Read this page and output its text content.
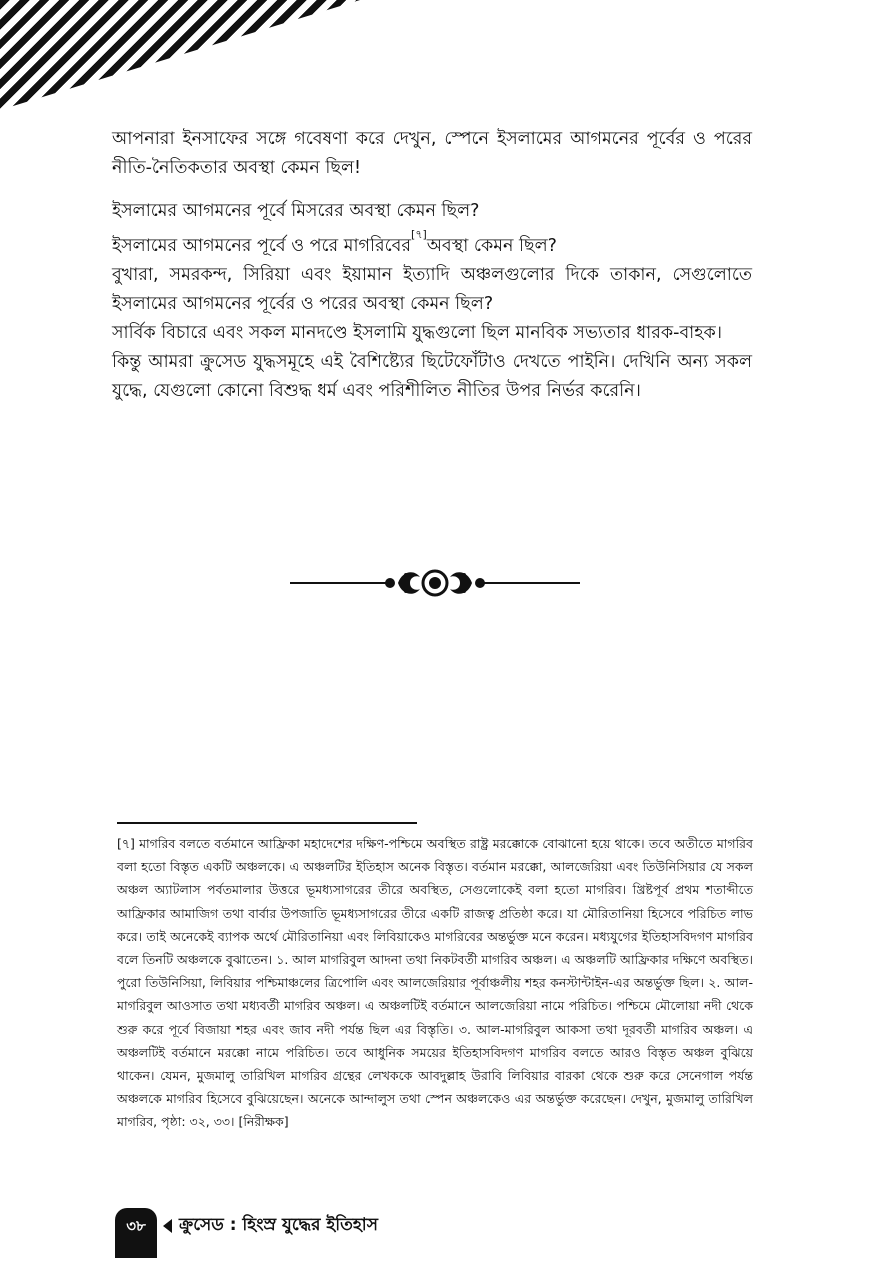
আপনারা ইনসাফের সঙ্গে গবেষণা করে দেখুন, স্পেনে ইসলামের আগমনের পূর্বের ও পরের নীতি-নৈতিকতার অবস্থা কেমন ছিল!

ইসলামের আগমনের পূর্বে মিসরের অবস্থা কেমন ছিল?

ইসলামের আগমনের পূর্বে ও পরে মাগরিবের[৭]অবস্থা কেমন ছিল?

বুখারা, সমরকন্দ, সিরিয়া এবং ইয়ামান ইত্যাদি অঞ্চলগুলোর দিকে তাকান, সেগুলোতে ইসলামের আগমনের পূর্বের ও পরের অবস্থা কেমন ছিল?

সার্বিক বিচারে এবং সকল মানদণ্ডে ইসলামি যুদ্ধগুলো ছিল মানবিক সভ্যতার ধারক-বাহক।

কিন্তু আমরা ক্রুসেড যুদ্ধসমূহে এই বৈশিষ্ট্যের ছিটেফোঁটাও দেখতে পাইনি। দেখিনি অন্য সকল যুদ্ধে, যেগুলো কোনো বিশুদ্ধ ধর্ম এবং পরিশীলিত নীতির উপর নির্ভর করেনি।

[৭] মাগরিব বলতে বর্তমানে আফ্রিকা মহাদেশের দক্ষিণ-পশ্চিমে অবস্থিত রাষ্ট্র মরক্কোকে বোঝানো হয়ে থাকে। তবে অতীতে মাগরিব বলা হতো বিস্তৃত একটি অঞ্চলকে। এ অঞ্চলটির ইতিহাস অনেক বিস্তৃত। বর্তমান মরক্কো, আলজেরিয়া এবং তিউনিসিয়ার যে সকল অঞ্চল অ্যাটলাস পর্বতমালার উত্তরে ভূমধ্যসাগরের তীরে অবস্থিত, সেগুলোকেই বলা হতো মাগরিব। খ্রিষ্টপূর্ব প্রথম শতাব্দীতে আফ্রিকার আমাজিগ তথা বার্বার উপজাতি ভূমধ্যসাগরের তীরে একটি রাজত্ব প্রতিষ্ঠা করে। যা মৌরিতানিয়া হিসেবে পরিচিত লাভ করে। তাই অনেকেই ব্যাপক অর্থে মৌরিতানিয়া এবং লিবিয়াকেও মাগরিবের অন্তর্ভুক্ত মনে করেন। মধ্যযুগের ইতিহাসবিদগণ মাগরিব বলে তিনটি অঞ্চলকে বুঝাতেন। ১. আল মাগরিবুল আদনা তথা নিকটবর্তী মাগরিব অঞ্চল। এ অঞ্চলটি আফ্রিকার দক্ষিণে অবস্থিত। পুরো তিউনিসিয়া, লিবিয়ার পশ্চিমাঞ্চলের ত্রিপোলি এবং আলজেরিয়ার পূর্বাঞ্চলীয় শহর কনস্টান্টাইন-এর অন্তর্ভুক্ত ছিল। ২. আল-মাগরিবুল আওসাত তথা মধ্যবর্তী মাগরিব অঞ্চল। এ অঞ্চলটিই বর্তমানে আলজেরিয়া নামে পরিচিত। পশ্চিমে মৌলোয়া নদী থেকে শুরু করে পূর্বে বিজায়া শহর এবং জাব নদী পর্যন্ত ছিল এর বিস্তৃতি। ৩. আল-মাগরিবুল আকসা তথা দূরবর্তী মাগরিব অঞ্চল। এ অঞ্চলটিই বর্তমানে মরক্কো নামে পরিচিত। তবে আধুনিক সময়ের ইতিহাসবিদগণ মাগরিব বলতে আরও বিস্তৃত অঞ্চল বুঝিয়ে থাকেন। যেমন, মুজমালু তারিখিল মাগরিব গ্রন্থের লেখককে আবদুল্লাহ উরাবি লিবিয়ার বারকা থেকে শুরু করে সেনেগাল পর্যন্ত অঞ্চলকে মাগরিব হিসেবে বুঝিয়েছেন। অনেকে আন্দালুস তথা স্পেন অঞ্চলকেও এর অন্তর্ভুক্ত করেছেন। দেখুন, মুজমালু তারিখিল মাগরিব, পৃষ্ঠা: ৩২, ৩৩। [নিরীক্ষক]
৩৮	ক্রুসেড : হিংস্র যুদ্ধের ইতিহাস
